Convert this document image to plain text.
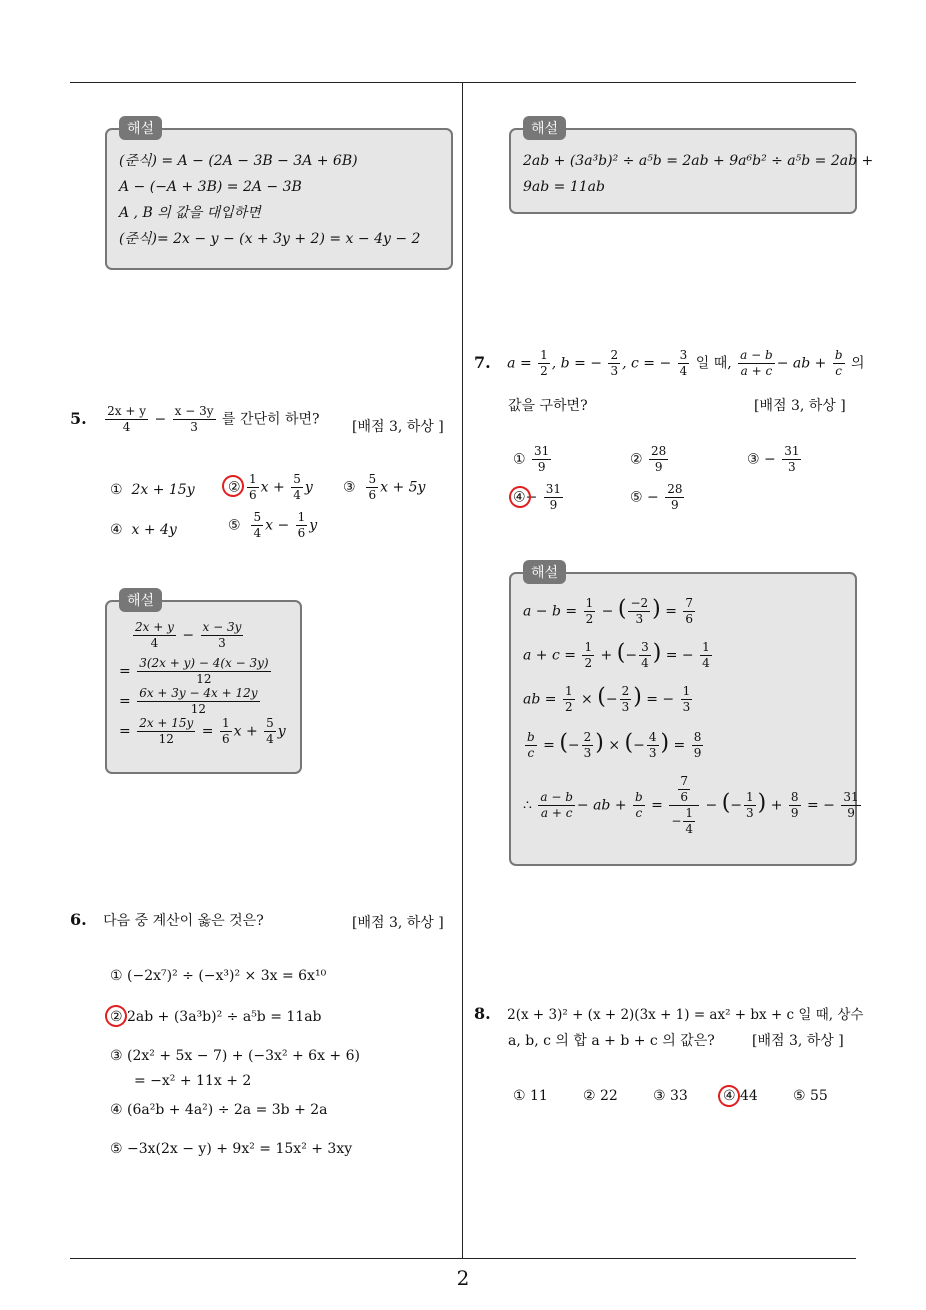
2
해설
(준식) = A − (2A − 3B − 3A + 6B)
A − (−A + 3B) = 2A − 3B
A , B 의 값을 대입하면
(준식)= 2x − y − (x + 3y + 2) = x − 4y − 2
5. $\frac{2x + y}{4} - \frac{x - 3y}{3}$ 를 간단히 하면? [배점 3, 하상 ]
① 2x + 15y ② $\frac{1}{6}$ $x + \frac{5}{4}$ y ③ $\frac{5}{6}$ x + 5y
④ x + 4y	⑤ $\frac{5}{4}$ $x - \frac{1}{6}$ y
해설
$\frac{2x + y}{4} - \frac{x - 3y}{3}$
= $\frac{3(2x + y) - 4(x - 3y)}{12}$
= $\frac{6x + 3y - 4x + 12y}{12}$
= $\frac{2x + 15y}{12} = \frac{1}{6}$ $x + \frac{5}{4}$ y
6. 다음 중 계산이 옳은 것은?	[배점 3, 하상 ]
① (−2x⁷)² ÷ (−x³)² × 3x = 6x¹⁰
② 2ab + (3a³b)² ÷ a⁵b = 11ab
③ (2x² + 5x − 7) + (−3x² + 6x + 6)
= −x² + 11x + 2
④ (6a²b + 4a²) ÷ 2a = 3b + 2a
⑤ −3x(2x − y) + 9x² = 15x² + 3xy
해설
2ab + (3a³b)² ÷ a⁵b = 2ab + 9a⁶b² ÷ a⁵b = 2ab +
9ab = 11ab
7. $a = \frac{1}{2}$ , b = − $\frac{2}{3}$ , c = − $\frac{3}{4}$ 일 때, $\frac{a - b}{a + c}$ − ab + $\frac{b}{c}$ 의
값을 구하면?	[배점 3, 하상 ]
① $\frac{31}{9}$	② $\frac{28}{9}$	③ − $\frac{31}{3}$
④− $\frac{31}{9}$	⑤ − $\frac{28}{9}$
해설
$a - b = \frac{1}{2}$ − ( $\frac{-2}{3}$ ) = $\frac{7}{6}$
$a + c = \frac{1}{2}$ + (− $\frac{3}{4}$ ) = − $\frac{1}{4}$
ab = $\frac{1}{2}$ × (− $\frac{2}{3}$ ) = − $\frac{1}{3}$
$\frac{b}{c}$ = (− $\frac{2}{3}$ ) × (− $\frac{4}{3}$ ) = $\frac{8}{9}$
∴ $\frac{a - b}{a + c}$ − ab + $\frac{b}{c} = \frac{\frac{7}{6}}{- \frac{1}{4}}$ − (− $\frac{1}{3}$ ) + $\frac{8}{9}$ = − $\frac{31}{9}$
8. 2(x + 3)² + (x + 2)(3x + 1) = ax² + bx + c 일 때, 상수
a, b, c 의 합 a + b + c 의 값은?	[배점 3, 하상 ]
① 11	② 22	③ 33	④ 44	⑤ 55
